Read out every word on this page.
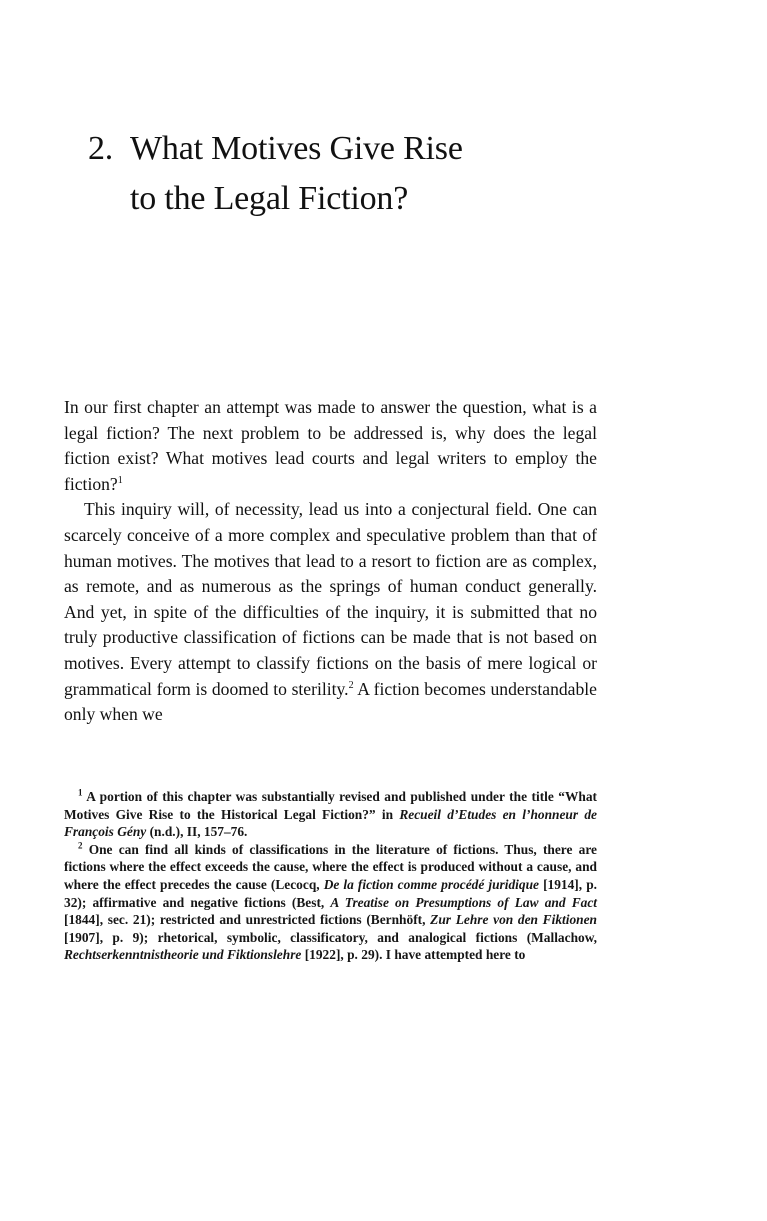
2. What Motives Give Rise
to the Legal Fiction?

In our first chapter an attempt was made to answer the question, what is a legal fiction? The next problem to be addressed is, why does the legal fiction exist? What motives lead courts and legal writers to employ the fiction?$^1$

This inquiry will, of necessity, lead us into a conjectural field. One can scarcely conceive of a more complex and speculative problem than that of human motives. The motives that lead to a resort to fiction are as complex, as remote, and as numerous as the springs of human conduct generally. And yet, in spite of the difficulties of the inquiry, it is submitted that no truly productive classification of fictions can be made that is not based on motives. Every attempt to classify fictions on the basis of mere logical or grammatical form is doomed to sterility.$^2$ A fiction becomes understandable only when we

$^1$ A portion of this chapter was substantially revised and published under the title “What Motives Give Rise to the Historical Legal Fiction?” in Recueil d’Etudes en l’honneur de François Gény (n.d.), II, 157–76.

$^2$ One can find all kinds of classifications in the literature of fictions. Thus, there are fictions where the effect exceeds the cause, where the effect is produced without a cause, and where the effect precedes the cause (Lecocq, De la fiction comme procédé juridique [1914], p. 32); affirmative and negative fictions (Best, A Treatise on Presumptions of Law and Fact [1844], sec. 21); restricted and unrestricted fictions (Bernhöft, Zur Lehre von den Fiktionen [1907], p. 9); rhetorical, symbolic, classificatory, and analogical fictions (Mallachow, Rechtserkenntnistheorie und Fiktionslehre [1922], p. 29). I have attempted here to
